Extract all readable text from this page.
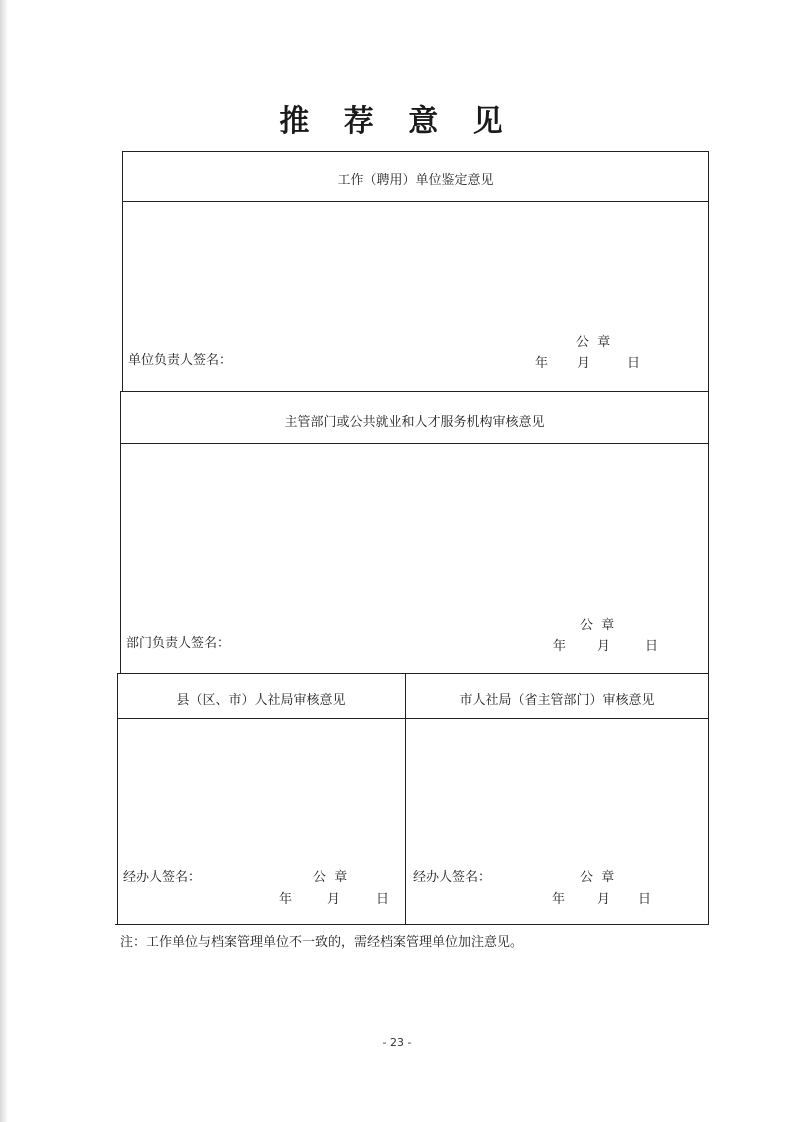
推 荐 意 见
工作（聘用）单位鉴定意见
公  章
单位负责人签名：	年 月	日
主管部门或公共就业和人才服务机构审核意见
公  章
部门负责人签名：	年 月	日
县（区、市）人社局审核意见
经办人签名：	公  章
年	月	日
市人社局（省主管部门）审核意见
经办人签名：	公  章
年 月 日
注：工作单位与档案管理单位不一致的，需经档案管理单位加注意见。
- 23 -
